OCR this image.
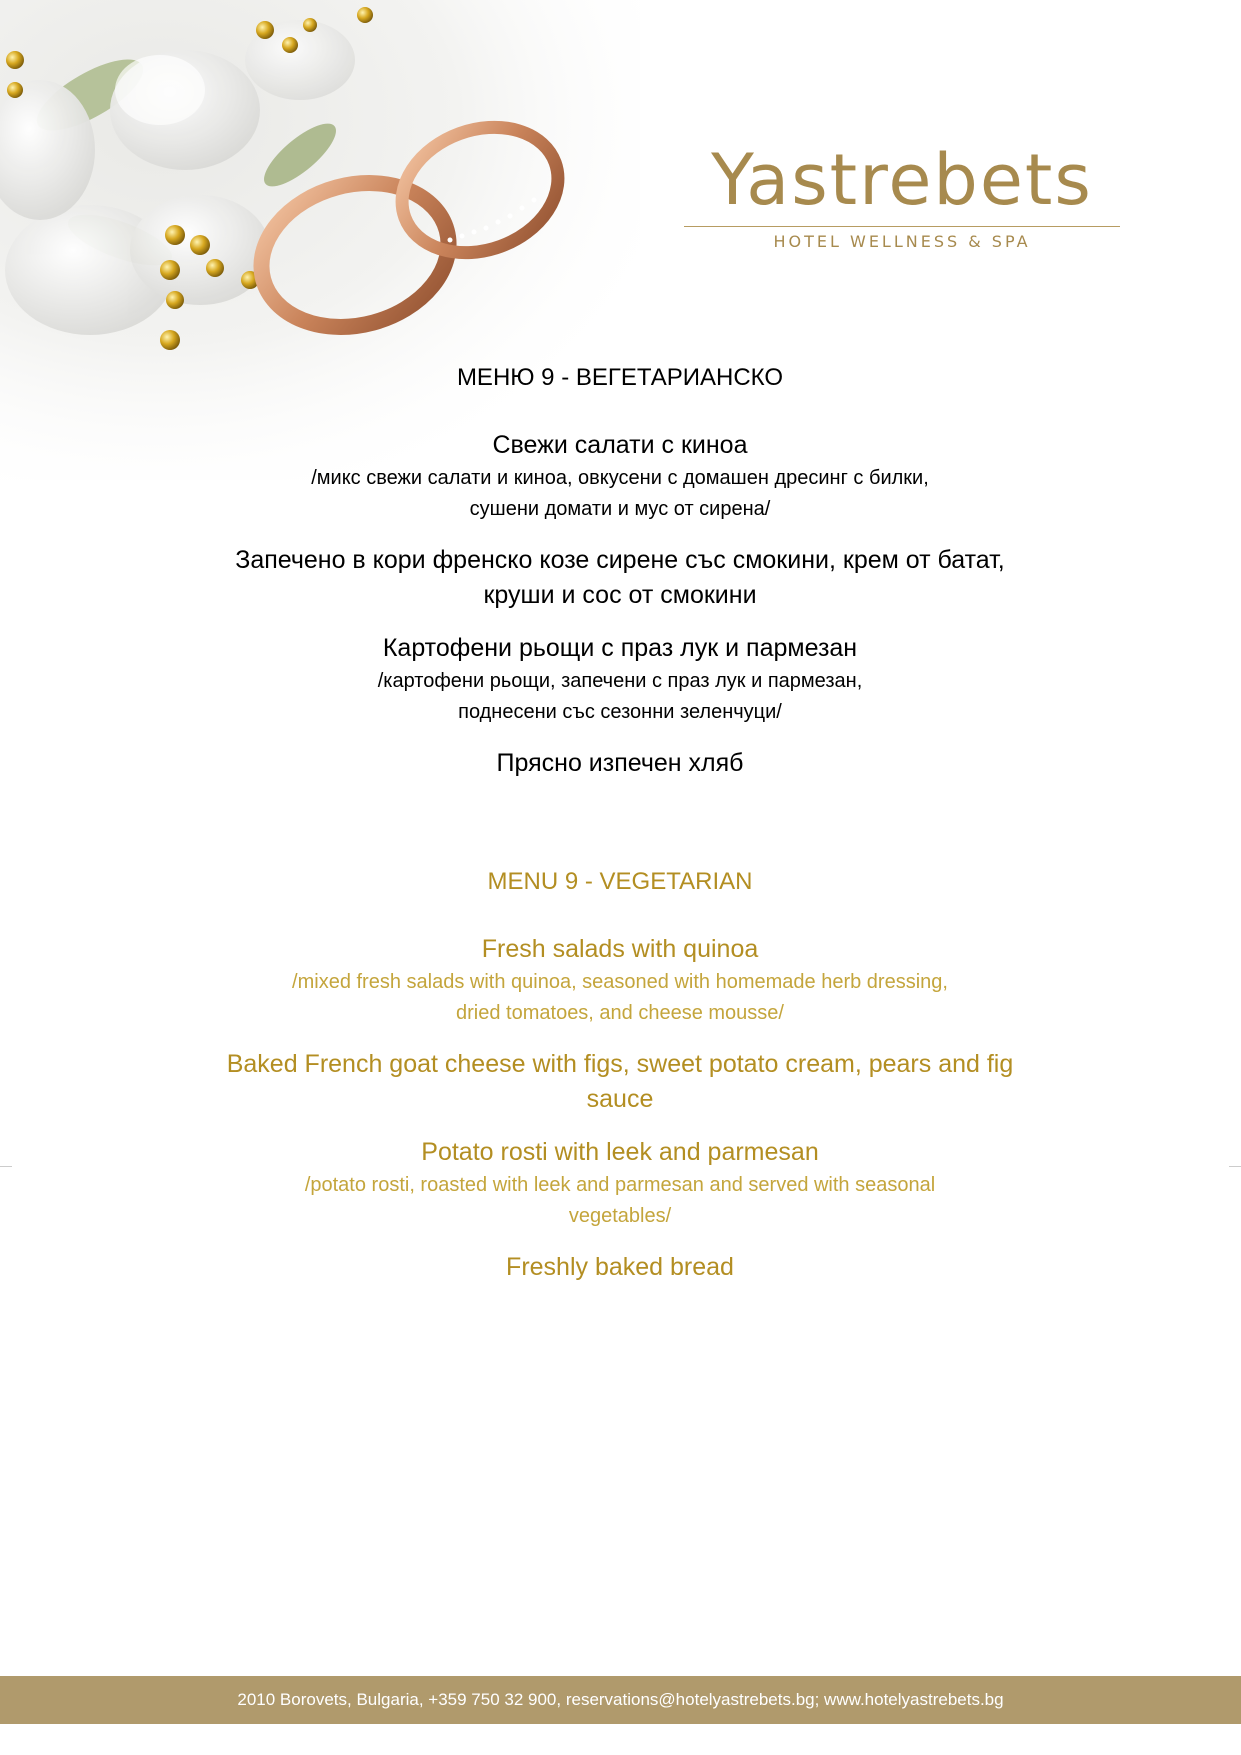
Yastrebets
HOTEL WELLNESS & SPA
МЕНЮ 9 - ВЕГЕТАРИАНСКО
Свежи салати с киноа
/микс свежи салати и киноа, овкусени с домашен дресинг с билки,
сушени домати и мус от сирена/
Запечено в кори френско козе сирене със смокини, крем от батат,
круши и сос от смокини
Картофени рьощи с праз лук и пармезан
/картофени рьощи, запечени с праз лук и пармезан,
поднесени със сезонни зеленчуци/
Прясно изпечен хляб
MENU 9 - VEGETARIAN
Fresh salads with quinoa
/mixed fresh salads with quinoa, seasoned with homemade herb dressing,
dried tomatoes, and cheese mousse/
Baked French goat cheese with figs, sweet potato cream, pears and fig
sauce
Potato rosti with leek and parmesan
/potato rosti, roasted with leek and parmesan and served with seasonal
vegetables/
Freshly baked bread
2010 Borovets, Bulgaria, +359 750 32 900, reservations@hotelyastrebets.bg; www.hotelyastrebets.bg
